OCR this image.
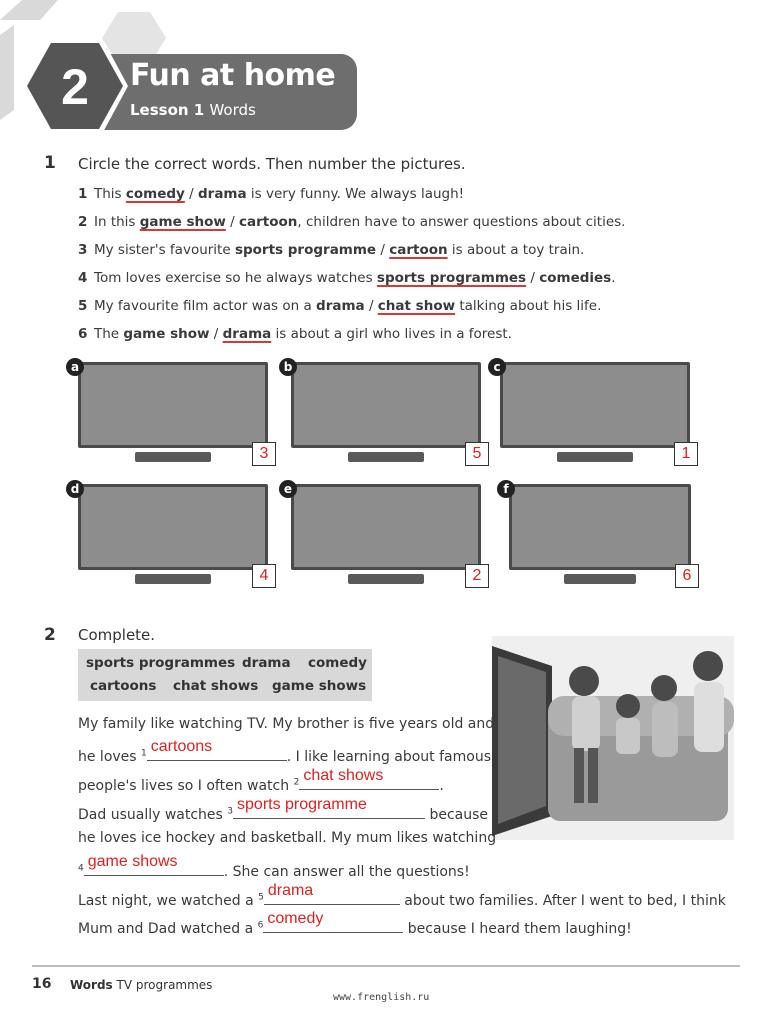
2 Fun at home
Lesson 1 Words
1 Circle the correct words. Then number the pictures.
1 This comedy / drama is very funny. We always laugh!
2 In this game show / cartoon, children have to answer questions about cities.
3 My sister's favourite sports programme / cartoon is about a toy train.
4 Tom loves exercise so he always watches sports programmes / comedies.
5 My favourite film actor was on a drama / chat show talking about his life.
6 The game show / drama is about a girl who lives in a forest.
a
3
b
5
c
1
d
4
e
2
f
6
2 Complete.
sports programmes drama comedy
cartoons chat shows game shows
My family like watching TV. My brother is five years old and
he loves $^1$ cartoons
. I like learning about famous
people's lives so I often watch $^2$ chat shows
.
Dad usually watches $^3$ sports programme
because
he loves ice hockey and basketball. My mum likes watching
$^4$ game shows
. She can answer all the questions!
Last night, we watched a $^5$ drama
about two families. After I went to bed, I think
Mum and Dad watched a $^6$ comedy
because I heard them laughing!
16 Words TV programmes
www.frenglish.ru
